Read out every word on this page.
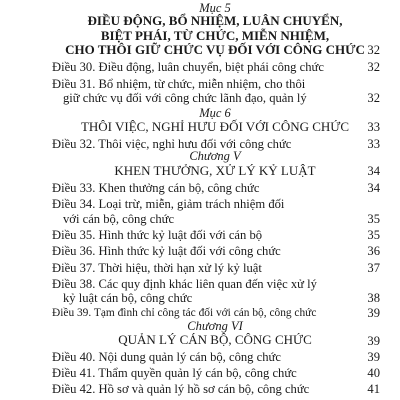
Mục 5
ĐIỀU ĐỘNG, BỔ NHIỆM, LUÂN CHUYỂN,
BIỆT PHÁI, TỪ CHỨC, MIỄN NHIỆM,
CHO THÔI GIỮ CHỨC VỤ ĐỐI VỚI CÔNG CHỨC 32
Điều 30. Điều động, luân chuyển, biệt phái công chức	32
Điều 31. Bổ nhiệm, từ chức, miễn nhiệm, cho thôi
giữ chức vụ đối với công chức lãnh đạo, quản lý	32
Mục 6
THÔI VIỆC, NGHỈ HƯU ĐỐI VỚI CÔNG CHỨC	33
Điều 32. Thôi việc, nghỉ hưu đối với công chức	33
Chương V
KHEN THƯỞNG, XỬ LÝ KỶ LUẬT	34
Điều 33. Khen thưởng cán bộ, công chức	34
Điều 34. Loại trừ, miễn, giảm trách nhiệm đối
với cán bộ, công chức	35
Điều 35. Hình thức kỷ luật đối với cán bộ	35
Điều 36. Hình thức kỷ luật đối với công chức	36
Điều 37. Thời hiệu, thời hạn xử lý kỷ luật	37
Điều 38. Các quy định khác liên quan đến việc xử lý
kỷ luật cán bộ, công chức	38
Điều 39. Tạm đình chỉ công tác đối với cán bộ, công chức	39
Chương VI
QUẢN LÝ CÁN BỘ, CÔNG CHỨC	39
Điều 40. Nội dung quản lý cán bộ, công chức	39
Điều 41. Thẩm quyền quản lý cán bộ, công chức	40
Điều 42. Hồ sơ và quản lý hồ sơ cán bộ, công chức	41
